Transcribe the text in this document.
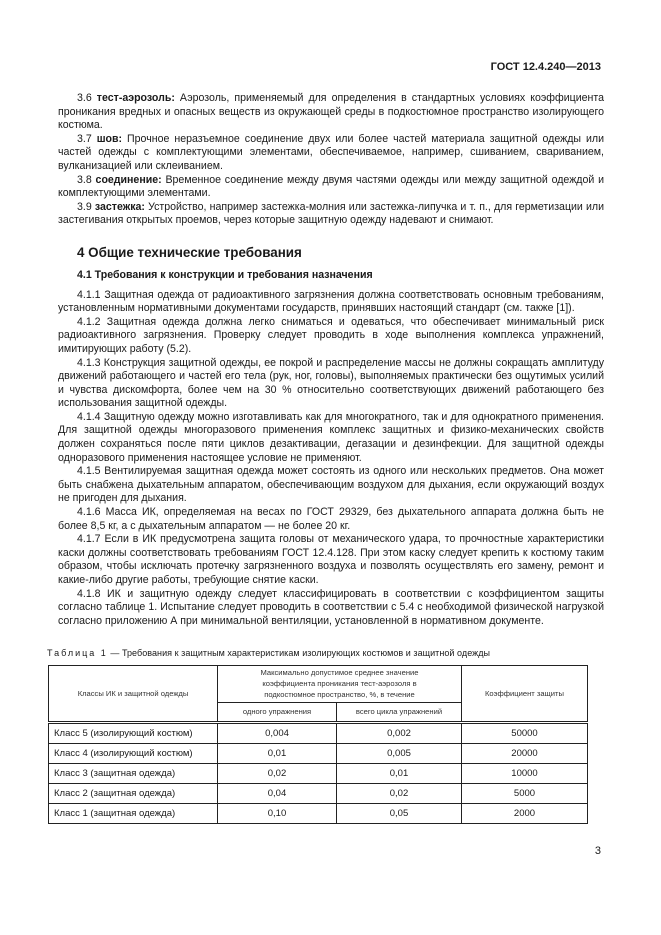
ГОСТ 12.4.240—2013

3.6 тест-аэрозоль: Аэрозоль, применяемый для определения в стандартных условиях коэффициента проникания вредных и опасных веществ из окружающей среды в подкостюмное пространство изолирующего костюма.

3.7 шов: Прочное неразъемное соединение двух или более частей материала защитной одежды или частей одежды с комплектующими элементами, обеспечиваемое, например, сшиванием, свариванием, вулканизацией или склеиванием.

3.8 соединение: Временное соединение между двумя частями одежды или между защитной одеждой и комплектующими элементами.

3.9 застежка: Устройство, например застежка-молния или застежка-липучка и т. п., для герметизации или застегивания открытых проемов, через которые защитную одежду надевают и снимают.

4 Общие технические требования
4.1 Требования к конструкции и требования назначения

4.1.1 Защитная одежда от радиоактивного загрязнения должна соответствовать основным требованиям, установленным нормативными документами государств, принявших настоящий стандарт (см. также [1]).

4.1.2 Защитная одежда должна легко сниматься и одеваться, что обеспечивает минимальный риск радиоактивного загрязнения. Проверку следует проводить в ходе выполнения комплекса упражнений, имитирующих работу (5.2).

4.1.3 Конструкция защитной одежды, ее покрой и распределение массы не должны сокращать амплитуду движений работающего и частей его тела (рук, ног, головы), выполняемых практически без ощутимых усилий и чувства дискомфорта, более чем на 30 % относительно соответствующих движений работающего без использования защитной одежды.

4.1.4 Защитную одежду можно изготавливать как для многократного, так и для однократного применения. Для защитной одежды многоразового применения комплекс защитных и физико-механических свойств должен сохраняться после пяти циклов дезактивации, дегазации и дезинфекции. Для защитной одежды одноразового применения настоящее условие не применяют.

4.1.5 Вентилируемая защитная одежда может состоять из одного или нескольких предметов. Она может быть снабжена дыхательным аппаратом, обеспечивающим воздухом для дыхания, если окружающий воздух не пригоден для дыхания.

4.1.6 Масса ИК, определяемая на весах по ГОСТ 29329, без дыхательного аппарата должна быть не более 8,5 кг, а с дыхательным аппаратом — не более 20 кг.

4.1.7 Если в ИК предусмотрена защита головы от механического удара, то прочностные характеристики каски должны соответствовать требованиям ГОСТ 12.4.128. При этом каску следует крепить к костюму таким образом, чтобы исключать протечку загрязненного воздуха и позволять осуществлять его замену, ремонт и какие-либо другие работы, требующие снятие каски.

4.1.8 ИК и защитную одежду следует классифицировать в соответствии с коэффициентом защиты согласно таблице 1. Испытание следует проводить в соответствии с 5.4 с необходимой физической нагрузкой согласно приложению А при минимальной вентиляции, установленной в нормативном документе.

Таблица 1 — Требования к защитным характеристикам изолирующих костюмов и защитной одежды
Классы ИК и защитной одежды	Максимально допустимое среднее значение коэффициента проникания тест-аэрозоля в подкостюмное пространство, %, в течение		Коэффициент защиты
	одного упражнения	всего цикла упражнений	
Класс 5 (изолирующий костюм)	0,004	0,002	50000
Класс 4 (изолирующий костюм)	0,01	0,005	20000
Класс 3 (защитная одежда)	0,02	0,01	10000
Класс 2 (защитная одежда)	0,04	0,02	5000
Класс 1 (защитная одежда)	0,10	0,05	2000
3
